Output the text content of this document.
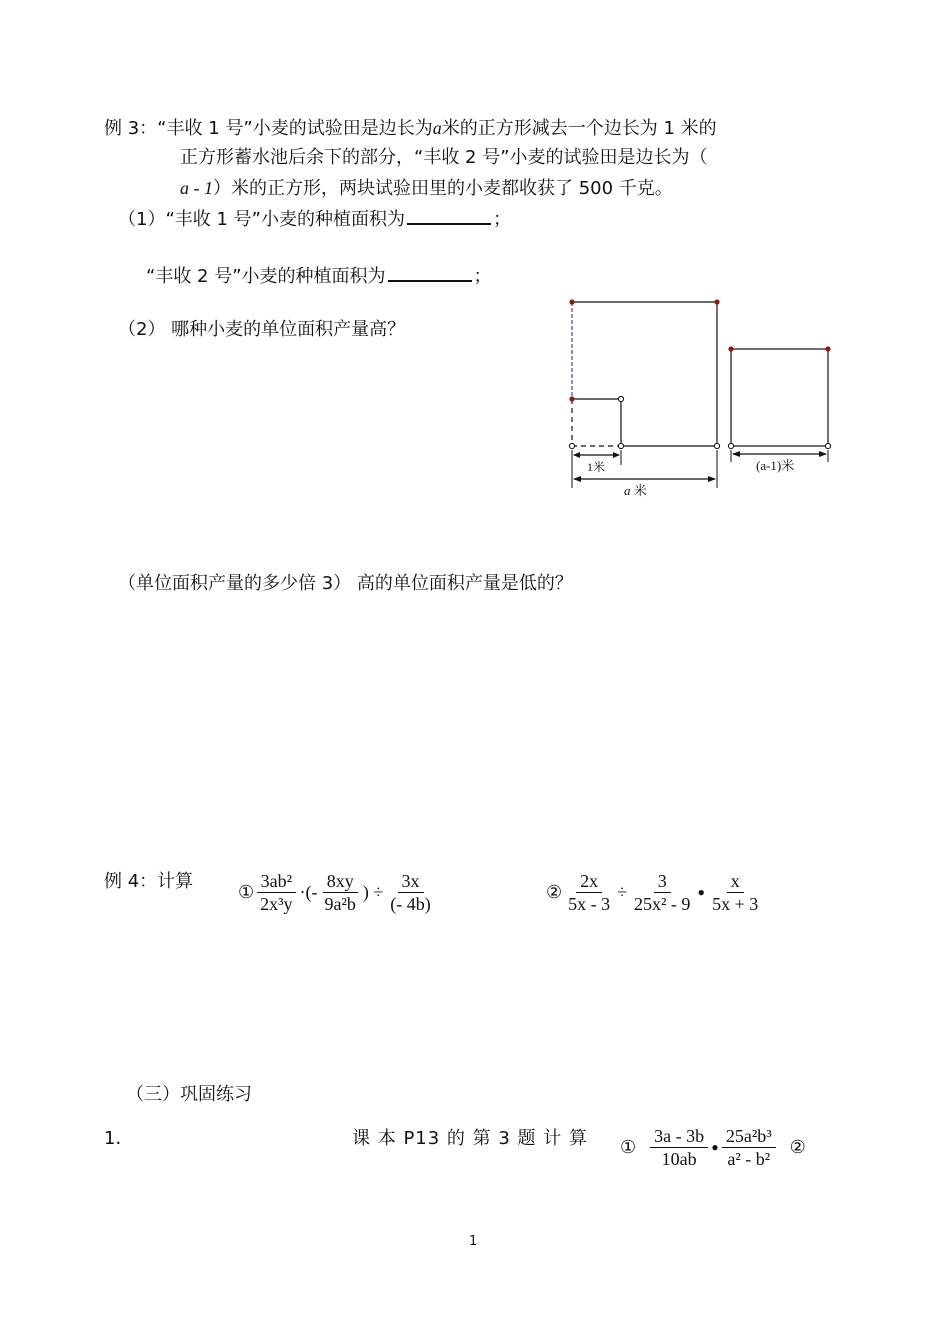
例 3：“丰收 1 号”小麦的试验田是边长为a米的正方形减去一个边长为 1 米的
正方形蓄水池后余下的部分，“丰收 2 号”小麦的试验田是边长为（
a - 1）米的正方形，两块试验田里的小麦都收获了 500 千克。
（1）“丰收 1 号”小麦的种植面积为	；
“丰收 2 号”小麦的种植面积为	；
（2） 哪种小麦的单位面积产量高？
1米
a 米
(a-1)米
（单位面积产量的多少倍 3） 高的单位面积产量是低的？
例 4：计算
① $\frac{\text{3ab²}}{\text{2x³y}}$ ·(- $\frac{8xy}{\text{9a²b}}$ ) ÷ $\frac{3x}{(- 4b)}$	② $\frac{2x}{5x - 3} \div \frac{3}{\text{25x² - 9}}$ • $\frac{x}{5x + 3}$
（三）巩固练习
1．	课 本 P13 的 第 3 题 计 算 ① $\frac{3a - 3b}{10ab}$ • $\frac{\text{25a²b³}}{\text{a² - b²}}$ ②
1
